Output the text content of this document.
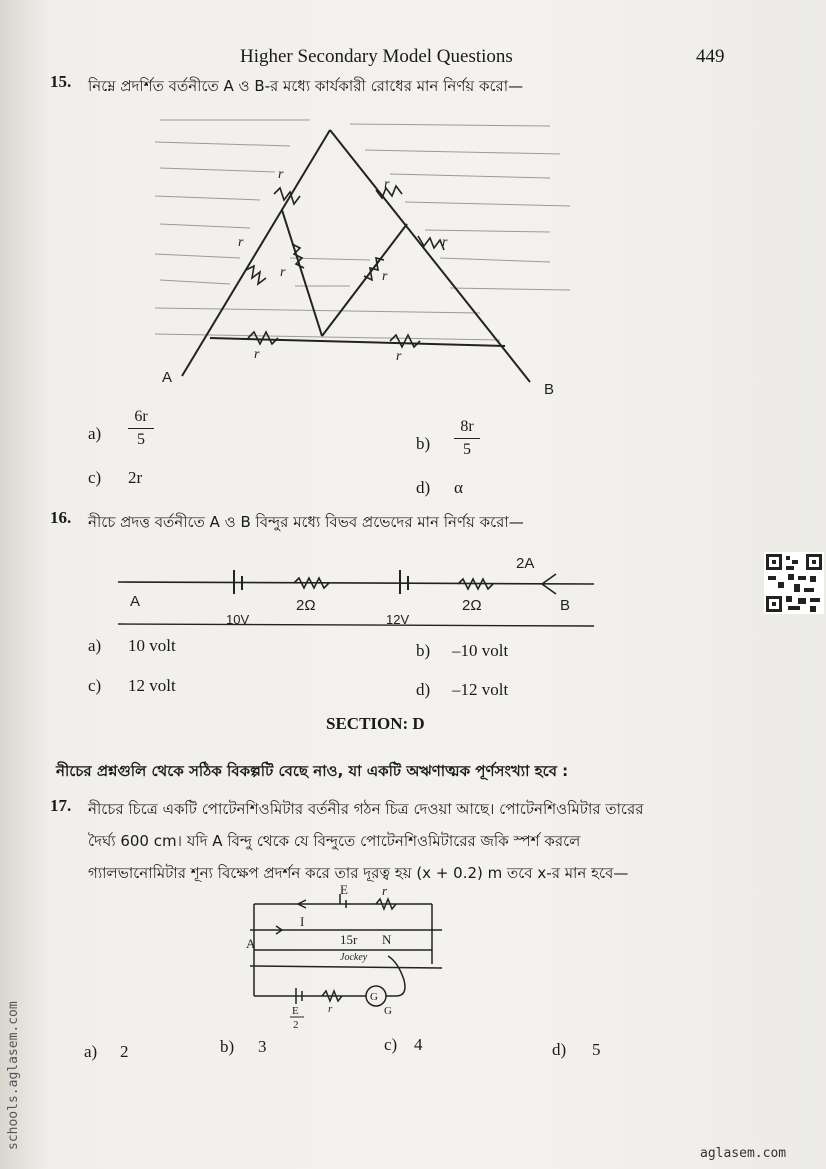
Higher Secondary Model Questions	449
15. নিম্নে প্রদর্শিত বর্তনীতে A ও B-র মধ্যে কার্যকারী রোধের মান নির্ণয় করো—
r
r
r
r	r
r
r	r
A
B
a)
6r
5	b)
8r
5
c) 2r
d) α
16. নীচে প্রদত্ত বর্তনীতে A ও B বিন্দুর মধ্যে বিভব প্রভেদের মান নির্ণয় করো—
A	B
10V
2Ω
12V
2Ω
2A
a) 10 volt	b) –10 volt
c) 12 volt	d) –12 volt
SECTION: D
নীচের প্রশ্নগুলি থেকে সঠিক বিকল্পটি বেছে নাও, যা একটি অঋণাত্মক পূর্ণসংখ্যা হবে :
17. নীচের চিত্রে একটি পোটেনশিওমিটার বর্তনীর গঠন চিত্র দেওয়া আছে। পোটেনশিওমিটার তারের
দৈর্ঘ্য 600 cm। যদি A বিন্দু থেকে যে বিন্দুতে পোটেনশিওমিটারের জকি স্পর্শ করলে
গ্যালভানোমিটার শূন্য বিক্ষেপ প্রদর্শন করে তার দূরত্ব হয় (x + 0.2) m তবে x-র মান হবে—
E	r
I
15r N
Jockey
A
E
2
r
G
G
a) 2	b) 3	c) 4	d) 5
schools.aglasem.com
aglasem.com
